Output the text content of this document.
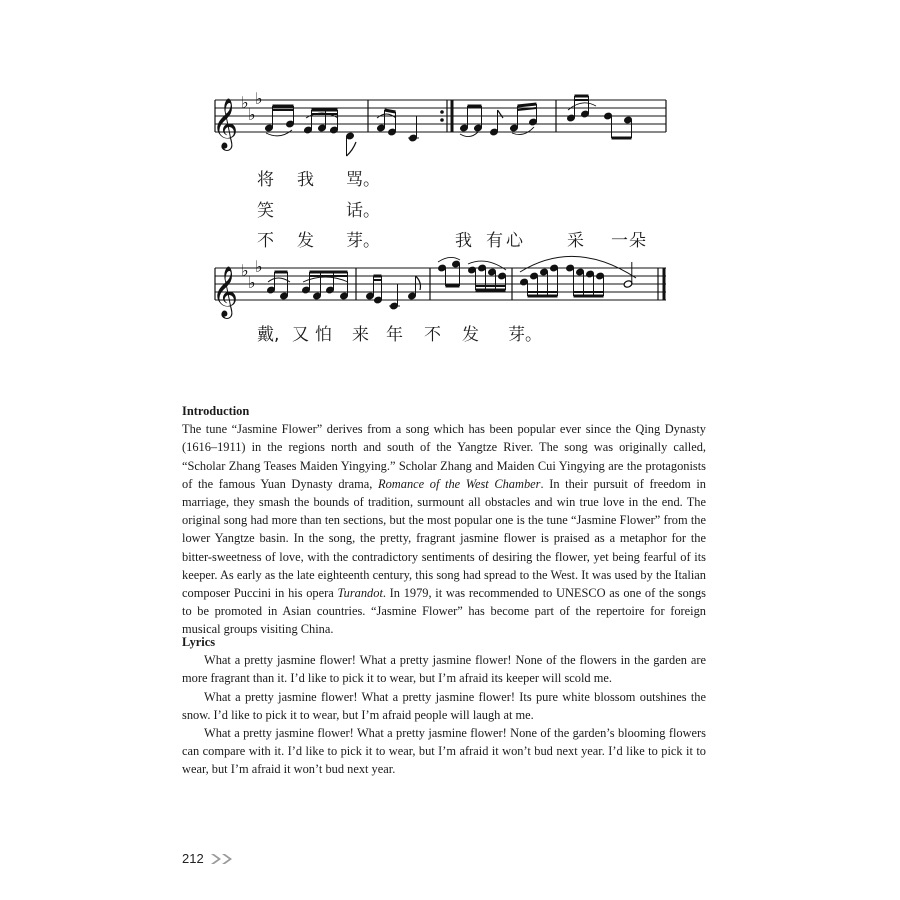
𝄞 ♭
♭
♭
𝄞 ♭
♭
♭
将 我 骂。
笑	话。
不 发 芽。	我 有 心	采 一 朵
戴, 又 怕 来 年 不 发 芽。

Introduction

The tune “Jasmine Flower” derives from a song which has been popular ever since the Qing Dynasty (1616–1911) in the regions north and south of the Yangtze River. The song was originally called, “Scholar Zhang Teases Maiden Yingying.” Scholar Zhang and Maiden Cui Yingying are the protagonists of the famous Yuan Dynasty drama, Romance of the West Chamber. In their pursuit of freedom in marriage, they smash the bounds of tradition, surmount all obstacles and win true love in the end. The original song had more than ten sections, but the most popular one is the tune “Jasmine Flower” from the lower Yangtze basin. In the song, the pretty, fragrant jasmine flower is praised as a metaphor for the bitter-sweetness of love, with the contradictory sentiments of desiring the flower, yet being fearful of its keeper. As early as the late eighteenth century, this song had spread to the West. It was used by the Italian composer Puccini in his opera Turandot. In 1979, it was recommended to UNESCO as one of the songs to be promoted in Asian countries. “Jasmine Flower” has become part of the repertoire for foreign musical groups visiting China.

Lyrics

What a pretty jasmine flower! What a pretty jasmine flower! None of the flowers in the garden are more fragrant than it. I’d like to pick it to wear, but I’m afraid its keeper will scold me.

What a pretty jasmine flower! What a pretty jasmine flower! Its pure white blossom outshines the snow. I’d like to pick it to wear, but I’m afraid people will laugh at me.

What a pretty jasmine flower! What a pretty jasmine flower! None of the garden’s blooming flowers can compare with it. I’d like to pick it to wear, but I’m afraid it won’t bud next year. I’d like to pick it to wear, but I’m afraid it won’t bud next year.

212
